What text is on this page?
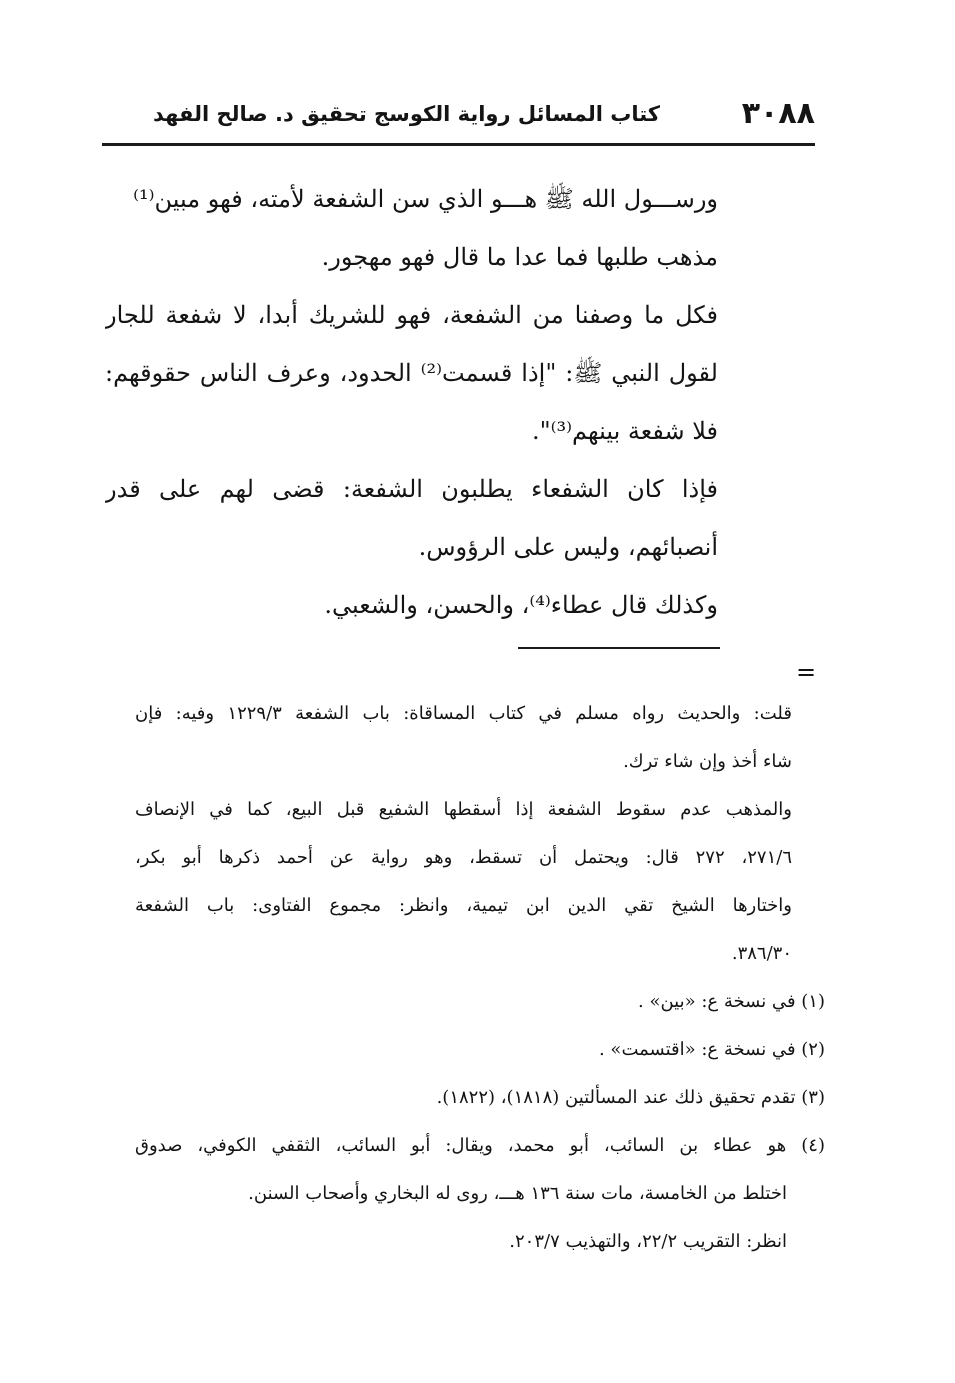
٣٠٨٨
كتاب المسائل رواية الكوسج تحقيق د. صالح الفهد
ورســـول الله ﷺ هـــو الذي سن الشفعة لأمته، فهو مبين⁽¹⁾
مذهب طلبها فما عدا ما قال فهو مهجور.
فكل ما وصفنا من الشفعة، فهو للشريك أبدا، لا شفعة للجار
لقول النبي ﷺ: "إذا قسمت⁽²⁾ الحدود، وعرف الناس حقوقهم:
فلا شفعة بينهم⁽³⁾".
فإذا كان الشفعاء يطلبون الشفعة: قضى لهم على قدر
أنصبائهم، وليس على الرؤوس.
وكذلك قال عطاء⁽⁴⁾، والحسن، والشعبي.
=
قلت: والحديث رواه مسلم في كتاب المساقاة: باب الشفعة ١٢٢٩/٣ وفيه: فإن
شاء أخذ وإن شاء ترك.
والمذهب عدم سقوط الشفعة إذا أسقطها الشفيع قبل البيع، كما في الإنصاف
٢٧١/٦، ٢٧٢ قال: ويحتمل أن تسقط، وهو رواية عن أحمد ذكرها أبو بكر،
واختارها الشيخ تقي الدين ابن تيمية، وانظر: مجموع الفتاوى: باب الشفعة
٣٨٦/٣٠.
(١) في نسخة ع: «بين» .
(٢) في نسخة ع: «اقتسمت» .
(٣) تقدم تحقيق ذلك عند المسألتين (١٨١٨)، (١٨٢٢).
(٤) هو عطاء بن السائب، أبو محمد، ويقال: أبو السائب، الثقفي الكوفي، صدوق
اختلط من الخامسة، مات سنة ١٣٦ هـــ، روى له البخاري وأصحاب السنن.
انظر: التقريب ٢٢/٢، والتهذيب ٢٠٣/٧.
